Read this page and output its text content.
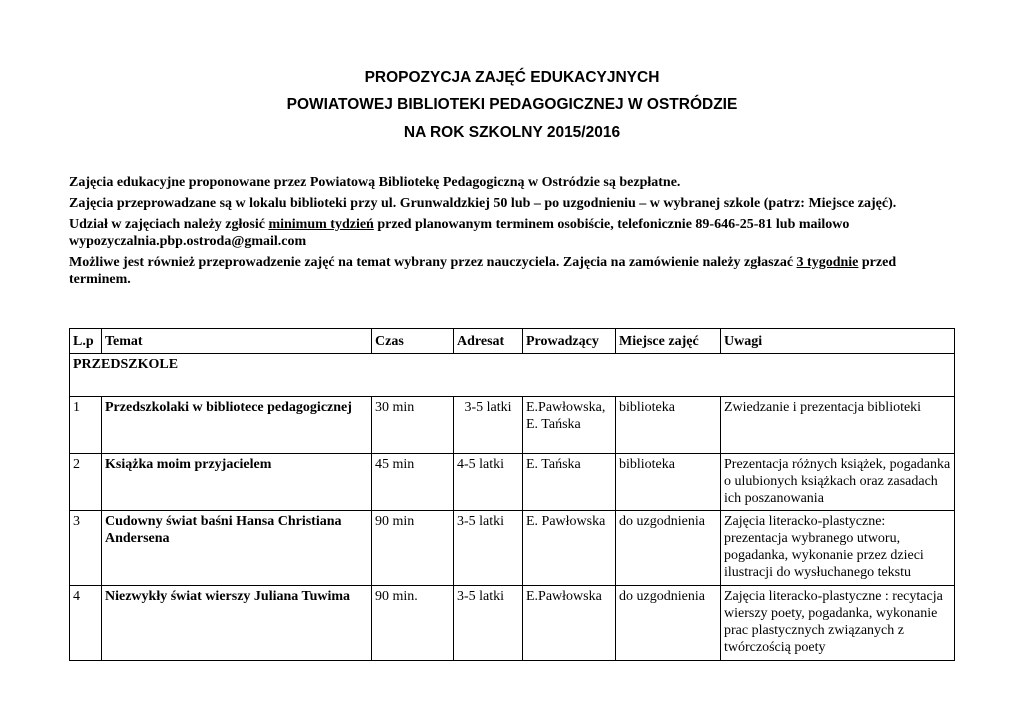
PROPOZYCJA ZAJĘĆ EDUKACYJNYCH
POWIATOWEJ BIBLIOTEKI PEDAGOGICZNEJ W OSTRÓDZIE
NA ROK SZKOLNY 2015/2016

Zajęcia edukacyjne proponowane przez Powiatową Bibliotekę Pedagogiczną w Ostródzie są bezpłatne.

Zajęcia przeprowadzane są w lokalu biblioteki przy ul. Grunwaldzkiej 50 lub – po uzgodnieniu – w wybranej szkole (patrz: Miejsce zajęć).

Udział w zajęciach należy zgłosić minimum tydzień przed planowanym terminem osobiście, telefonicznie 89-646-25-81 lub mailowo
wypozyczalnia.pbp.ostroda@gmail.com

Możliwe jest również przeprowadzenie zajęć na temat wybrany przez nauczyciela. Zajęcia na zamówienie należy zgłaszać 3 tygodnie przed
terminem.

L.p	Temat	Czas	Adresat	Prowadzący	Miejsce zajęć	Uwagi
PRZEDSZKOLE						
1	Przedszkolaki w bibliotece pedagogicznej	30 min	3-5 latki	E.Pawłowska,
E. Tańska	biblioteka	Zwiedzanie i prezentacja biblioteki
2	Książka moim przyjacielem	45 min	4-5 latki	E. Tańska	biblioteka	Prezentacja różnych książek, pogadanka o ulubionych książkach oraz zasadach ich poszanowania
3	Cudowny świat baśni Hansa Christiana Andersena	90 min	3-5 latki	E. Pawłowska	do uzgodnienia	Zajęcia literacko-plastyczne: prezentacja wybranego utworu, pogadanka, wykonanie przez dzieci ilustracji do wysłuchanego tekstu
4	Niezwykły świat wierszy Juliana Tuwima	90 min.	3-5 latki	E.Pawłowska	do uzgodnienia	Zajęcia literacko-plastyczne : recytacja wierszy poety, pogadanka, wykonanie prac plastycznych związanych z twórczością poety
